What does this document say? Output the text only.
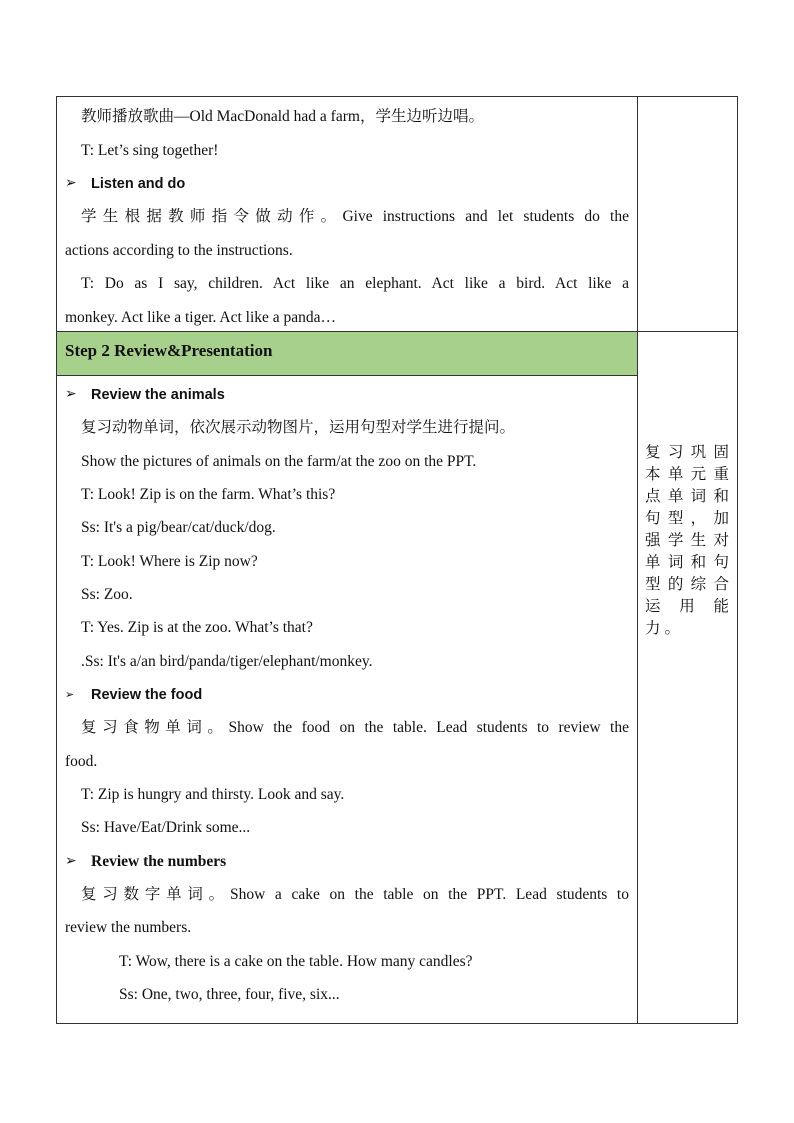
教师播放歌曲—Old MacDonald had a farm，学生边听边唱。
T: Let’s sing together!
➢ Listen and do
学生根据教师指令做动作。Give instructions and let students do the
actions according to the instructions.
T: Do as I say, children. Act like an elephant. Act like a bird. Act like a
monkey. Act like a tiger. Act like a panda…
Step 2 Review&Presentation
➢ Review the animals
复习动物单词，依次展示动物图片，运用句型对学生进行提问。
Show the pictures of animals on the farm/at the zoo on the PPT.
T: Look! Zip is on the farm. What’s this?
Ss: It's a pig/bear/cat/duck/dog.
T: Look! Where is Zip now?
Ss: Zoo.
T: Yes. Zip is at the zoo. What’s that?
.Ss: It's a/an bird/panda/tiger/elephant/monkey.
➢ Review the food
复习食物单词。Show the food on the table. Lead students to review the
food.
T: Zip is hungry and thirsty. Look and say.
Ss: Have/Eat/Drink some...
➢ Review the numbers
复习数字单词。Show a cake on the table on the PPT. Lead students to
review the numbers.
T: Wow, there is a cake on the table. How many candles?
Ss: One, two, three, four, five, six...
复习巩固本单元重点单词和句型，加强学生对单词和句型的综合运用能力。
